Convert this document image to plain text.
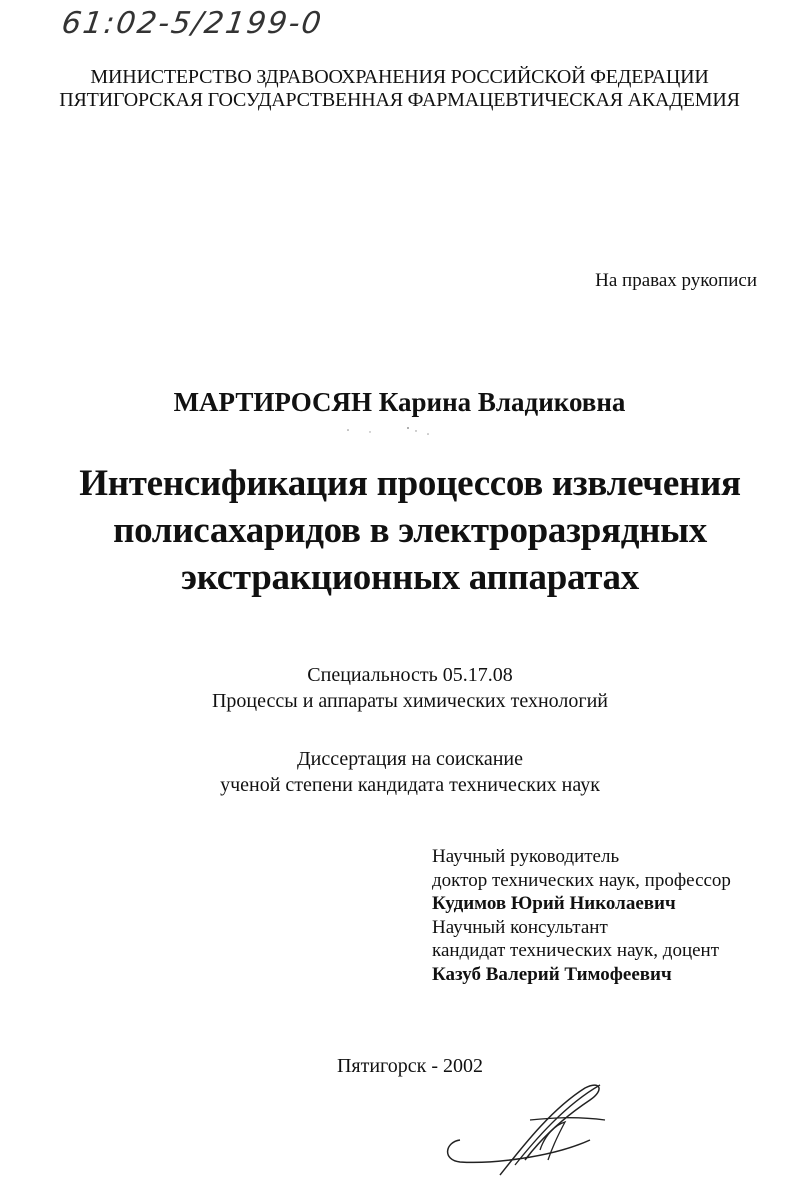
61:02-5/2199-0
МИНИСТЕРСТВО ЗДРАВООХРАНЕНИЯ РОССИЙСКОЙ ФЕДЕРАЦИИ
ПЯТИГОРСКАЯ ГОСУДАРСТВЕННАЯ ФАРМАЦЕВТИЧЕСКАЯ АКАДЕМИЯ
На правах рукописи
МАРТИРОСЯН Карина Владиковна
Интенсификация процессов извлечения
полисахаридов в электроразрядных
экстракционных аппаратах
Специальность 05.17.08
Процессы и аппараты химических технологий
Диссертация на соискание
ученой степени кандидата технических наук
Научный руководитель
доктор технических наук, профессор
Кудимов Юрий Николаевич
Научный консультант
кандидат технических наук, доцент
Казуб Валерий Тимофеевич
Пятигорск - 2002
